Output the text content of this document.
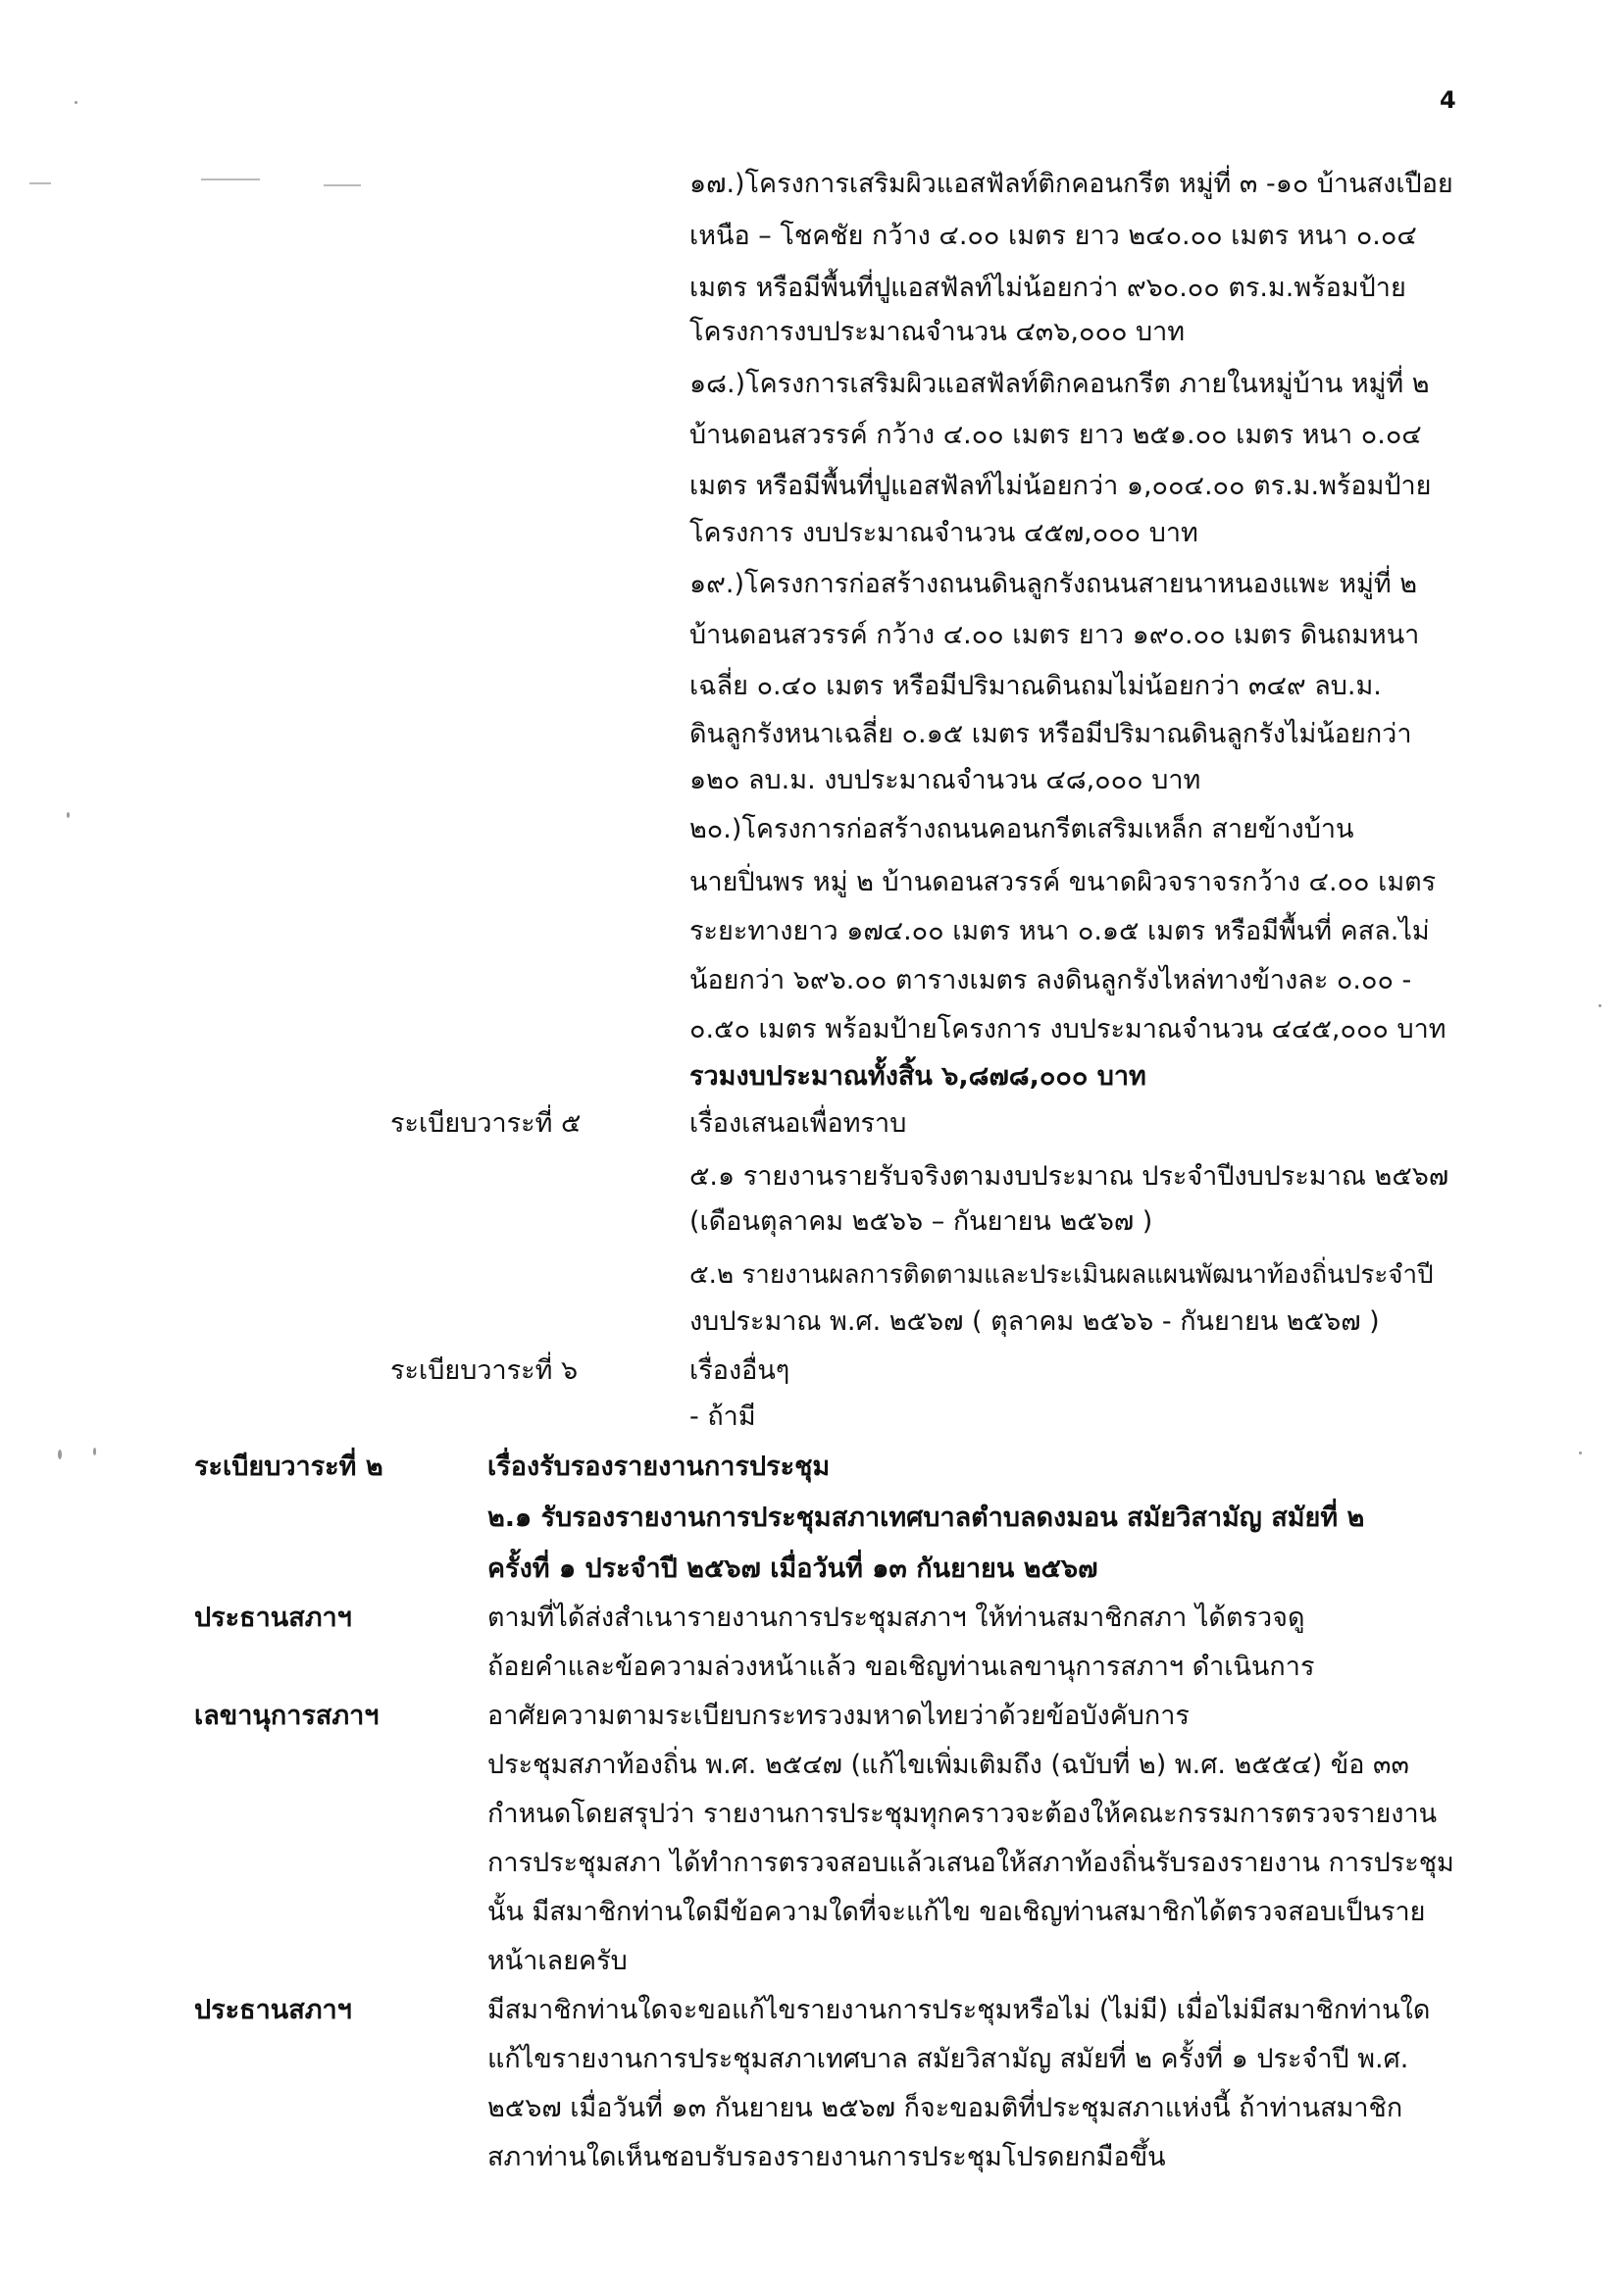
4
๑๗.)โครงการเสริมผิวแอสฟัลท์ติกคอนกรีต หมู่ที่ ๓ -๑๐ บ้านสงเปือย
เหนือ – โชคชัย กว้าง ๔.๐๐ เมตร ยาว ๒๔๐.๐๐ เมตร หนา ๐.๐๔
เมตร หรือมีพื้นที่ปูแอสฟัลท์ไม่น้อยกว่า ๙๖๐.๐๐ ตร.ม.พร้อมป้าย
โครงการงบประมาณจำนวน ๔๓๖,๐๐๐ บาท
๑๘.)โครงการเสริมผิวแอสฟัลท์ติกคอนกรีต ภายในหมู่บ้าน หมู่ที่ ๒
บ้านดอนสวรรค์ กว้าง ๔.๐๐ เมตร ยาว ๒๕๑.๐๐ เมตร หนา ๐.๐๔
เมตร หรือมีพื้นที่ปูแอสฟัลท์ไม่น้อยกว่า ๑,๐๐๔.๐๐ ตร.ม.พร้อมป้าย
โครงการ งบประมาณจำนวน ๔๕๗,๐๐๐ บาท
๑๙.)โครงการก่อสร้างถนนดินลูกรังถนนสายนาหนองแพะ หมู่ที่ ๒
บ้านดอนสวรรค์ กว้าง ๔.๐๐ เมตร ยาว ๑๙๐.๐๐ เมตร ดินถมหนา
เฉลี่ย ๐.๔๐ เมตร หรือมีปริมาณดินถมไม่น้อยกว่า ๓๔๙ ลบ.ม.
ดินลูกรังหนาเฉลี่ย ๐.๑๕ เมตร หรือมีปริมาณดินลูกรังไม่น้อยกว่า
๑๒๐ ลบ.ม. งบประมาณจำนวน ๔๘,๐๐๐ บาท
๒๐.)โครงการก่อสร้างถนนคอนกรีตเสริมเหล็ก สายข้างบ้าน
นายปิ่นพร หมู่ ๒ บ้านดอนสวรรค์ ขนาดผิวจราจรกว้าง ๔.๐๐ เมตร
ระยะทางยาว ๑๗๔.๐๐ เมตร หนา ๐.๑๕ เมตร หรือมีพื้นที่ คสล.ไม่
น้อยกว่า ๖๙๖.๐๐ ตารางเมตร ลงดินลูกรังไหล่ทางข้างละ ๐.๐๐ -
๐.๕๐ เมตร พร้อมป้ายโครงการ งบประมาณจำนวน ๔๔๕,๐๐๐ บาท
รวมงบประมาณทั้งสิ้น ๖,๘๗๘,๐๐๐ บาท
ระเบียบวาระที่ ๕	เรื่องเสนอเพื่อทราบ
๕.๑ รายงานรายรับจริงตามงบประมาณ ประจำปีงบประมาณ ๒๕๖๗
(เดือนตุลาคม ๒๕๖๖ – กันยายน ๒๕๖๗ )
๕.๒ รายงานผลการติดตามและประเมินผลแผนพัฒนาท้องถิ่นประจำปี
งบประมาณ พ.ศ. ๒๕๖๗ ( ตุลาคม ๒๕๖๖ - กันยายน ๒๕๖๗ )
ระเบียบวาระที่ ๖	เรื่องอื่นๆ
- ถ้ามี
ระเบียบวาระที่ ๒	เรื่องรับรองรายงานการประชุม
๒.๑ รับรองรายงานการประชุมสภาเทศบาลตำบลดงมอน สมัยวิสามัญ สมัยที่ ๒
ครั้งที่ ๑ ประจำปี ๒๕๖๗ เมื่อวันที่ ๑๓ กันยายน ๒๕๖๗
ประธานสภาฯ	ตามที่ได้ส่งสำเนารายงานการประชุมสภาฯ ให้ท่านสมาชิกสภา ได้ตรวจดู
ถ้อยคำและข้อความล่วงหน้าแล้ว ขอเชิญท่านเลขานุการสภาฯ ดำเนินการ
เลขานุการสภาฯ	อาศัยความตามระเบียบกระทรวงมหาดไทยว่าด้วยข้อบังคับการ
ประชุมสภาท้องถิ่น พ.ศ. ๒๕๔๗ (แก้ไขเพิ่มเติมถึง (ฉบับที่ ๒) พ.ศ. ๒๕๕๔) ข้อ ๓๓
กำหนดโดยสรุปว่า รายงานการประชุมทุกคราวจะต้องให้คณะกรรมการตรวจรายงาน
การประชุมสภา ได้ทำการตรวจสอบแล้วเสนอให้สภาท้องถิ่นรับรองรายงาน การประชุม
นั้น มีสมาชิกท่านใดมีข้อความใดที่จะแก้ไข ขอเชิญท่านสมาชิกได้ตรวจสอบเป็นราย
หน้าเลยครับ
ประธานสภาฯ	มีสมาชิกท่านใดจะขอแก้ไขรายงานการประชุมหรือไม่ (ไม่มี) เมื่อไม่มีสมาชิกท่านใด
แก้ไขรายงานการประชุมสภาเทศบาล สมัยวิสามัญ สมัยที่ ๒ ครั้งที่ ๑ ประจำปี พ.ศ.
๒๕๖๗ เมื่อวันที่ ๑๓ กันยายน ๒๕๖๗ ก็จะขอมติที่ประชุมสภาแห่งนี้ ถ้าท่านสมาชิก
สภาท่านใดเห็นชอบรับรองรายงานการประชุมโปรดยกมือขึ้น
